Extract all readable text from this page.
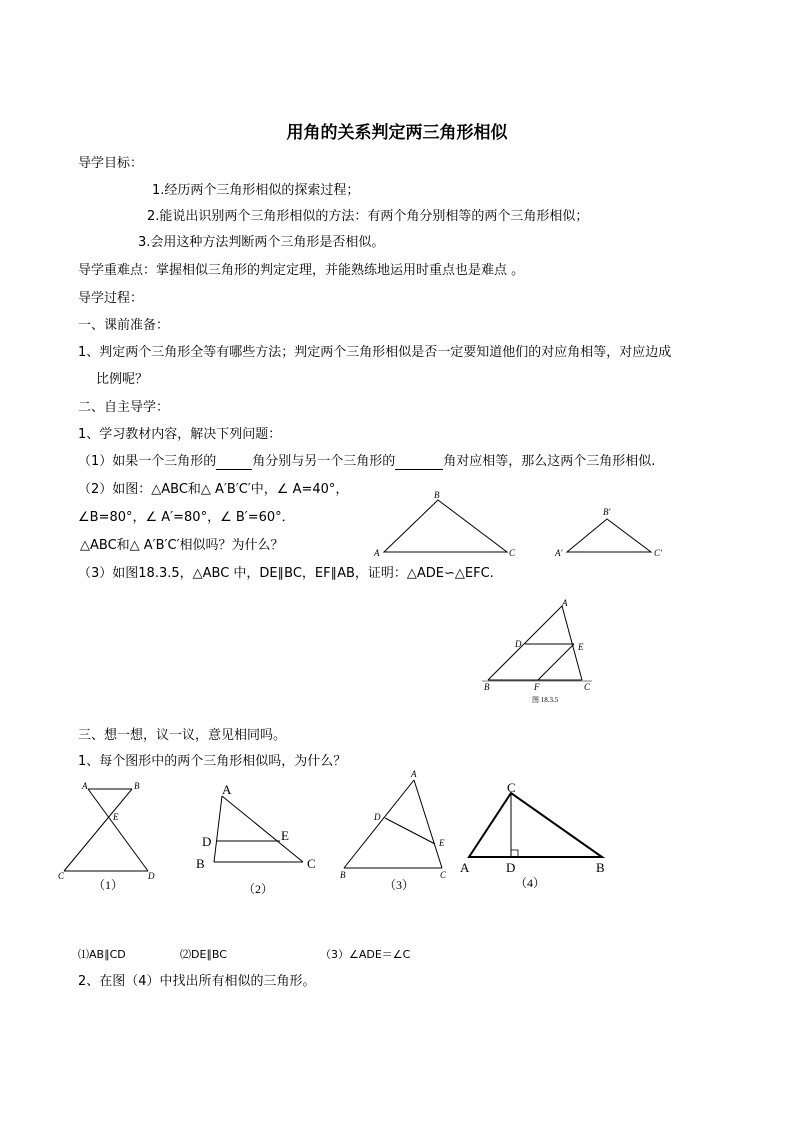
用角的关系判定两三角形相似
导学目标：
1.经历两个三角形相似的探索过程；
2.能说出识别两个三角形相似的方法：有两个角分别相等的两个三角形相似；
3.会用这种方法判断两个三角形是否相似。
导学重难点：掌握相似三角形的判定定理，并能熟练地运用时重点也是难点 。
导学过程：
一、课前准备：
1、判定两个三角形全等有哪些方法；判定两个三角形相似是否一定要知道他们的对应角相等，对应边成
比例呢？
二、自主导学：
1、学习教材内容，解决下列问题：
（1）如果一个三角形的	角分别与另一个三角形的	角对应相等，那么这两个三角形相似.
（2）如图：△ABC和△ A′B′C′中，∠ A=40°，
∠B=80°，∠ A′=80°，∠ B′=60°．
△ABC和△ A′B′C′相似吗？为什么？	A
B
C	A′
B′
C′
（3）如图18.3.5，△ABC 中，DE∥BC，EF∥AB，证明：△ADE∽△EFC.
A
B	C
D	E
F
图 18.3.5
三、想一想，议一议，意见相同吗。
1、每个图形中的两个三角形相似吗，为什么？
A	B
C	D
E
（1）
A
B	C
D	E
（2）
A
B	C
D
E
（3）
C
A	B
D
（4）
⑴AB∥CD	⑵DE∥BC	（3）∠ADE＝∠C
2、在图（4）中找出所有相似的三角形。
